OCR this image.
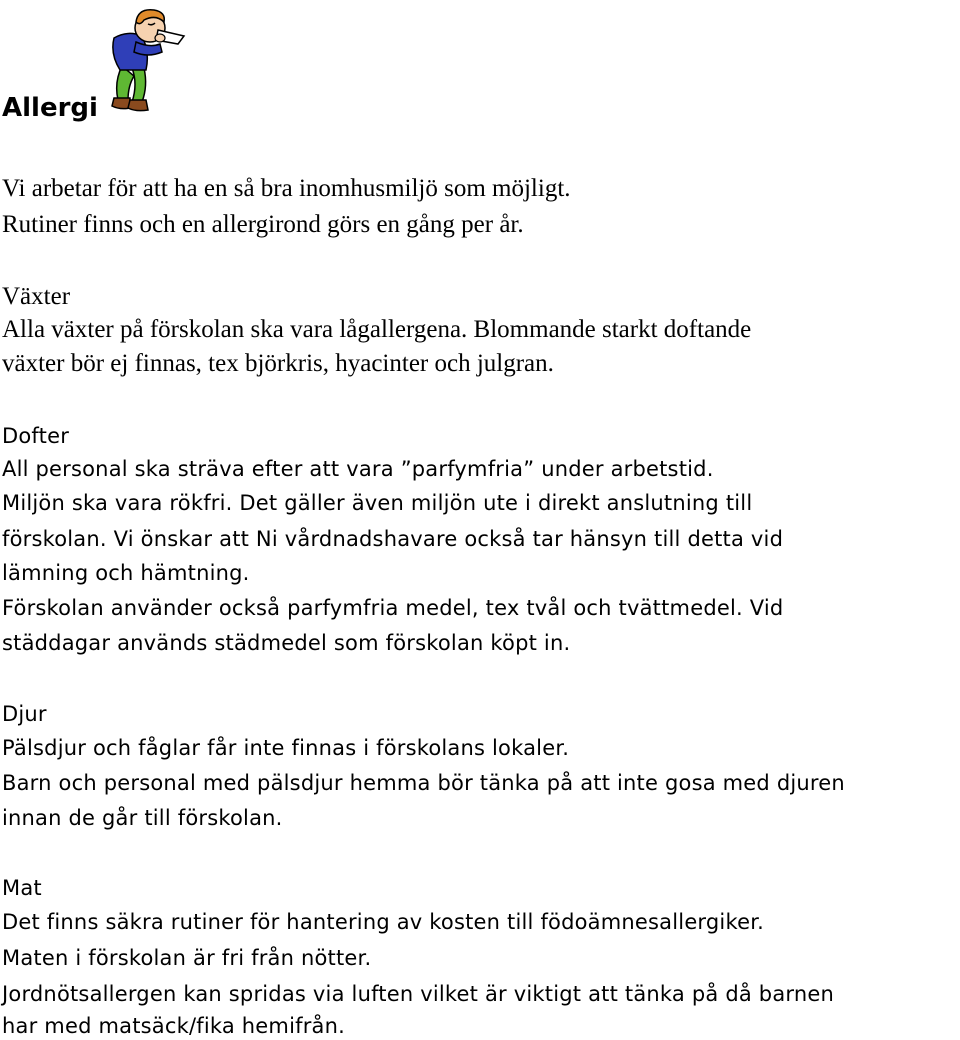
Allergi

Vi arbetar för att ha en så bra inomhusmiljö som möjligt.

Rutiner finns och en allergirond görs en gång per år.

Växter

Alla växter på förskolan ska vara lågallergena. Blommande starkt doftande

växter bör ej finnas, tex björkris, hyacinter och julgran.

Dofter

All personal ska sträva efter att vara ”parfymfria” under arbetstid.

Miljön ska vara rökfri. Det gäller även miljön ute i direkt anslutning till

förskolan. Vi önskar att Ni vårdnadshavare också tar hänsyn till detta vid

lämning och hämtning.

Förskolan använder också parfymfria medel, tex tvål och tvättmedel. Vid

städdagar används städmedel som förskolan köpt in.

Djur

Pälsdjur och fåglar får inte finnas i förskolans lokaler.

Barn och personal med pälsdjur hemma bör tänka på att inte gosa med djuren

innan de går till förskolan.

Mat

Det finns säkra rutiner för hantering av kosten till födoämnesallergiker.

Maten i förskolan är fri från nötter.

Jordnötsallergen kan spridas via luften vilket är viktigt att tänka på då barnen

har med matsäck/fika hemifrån.
